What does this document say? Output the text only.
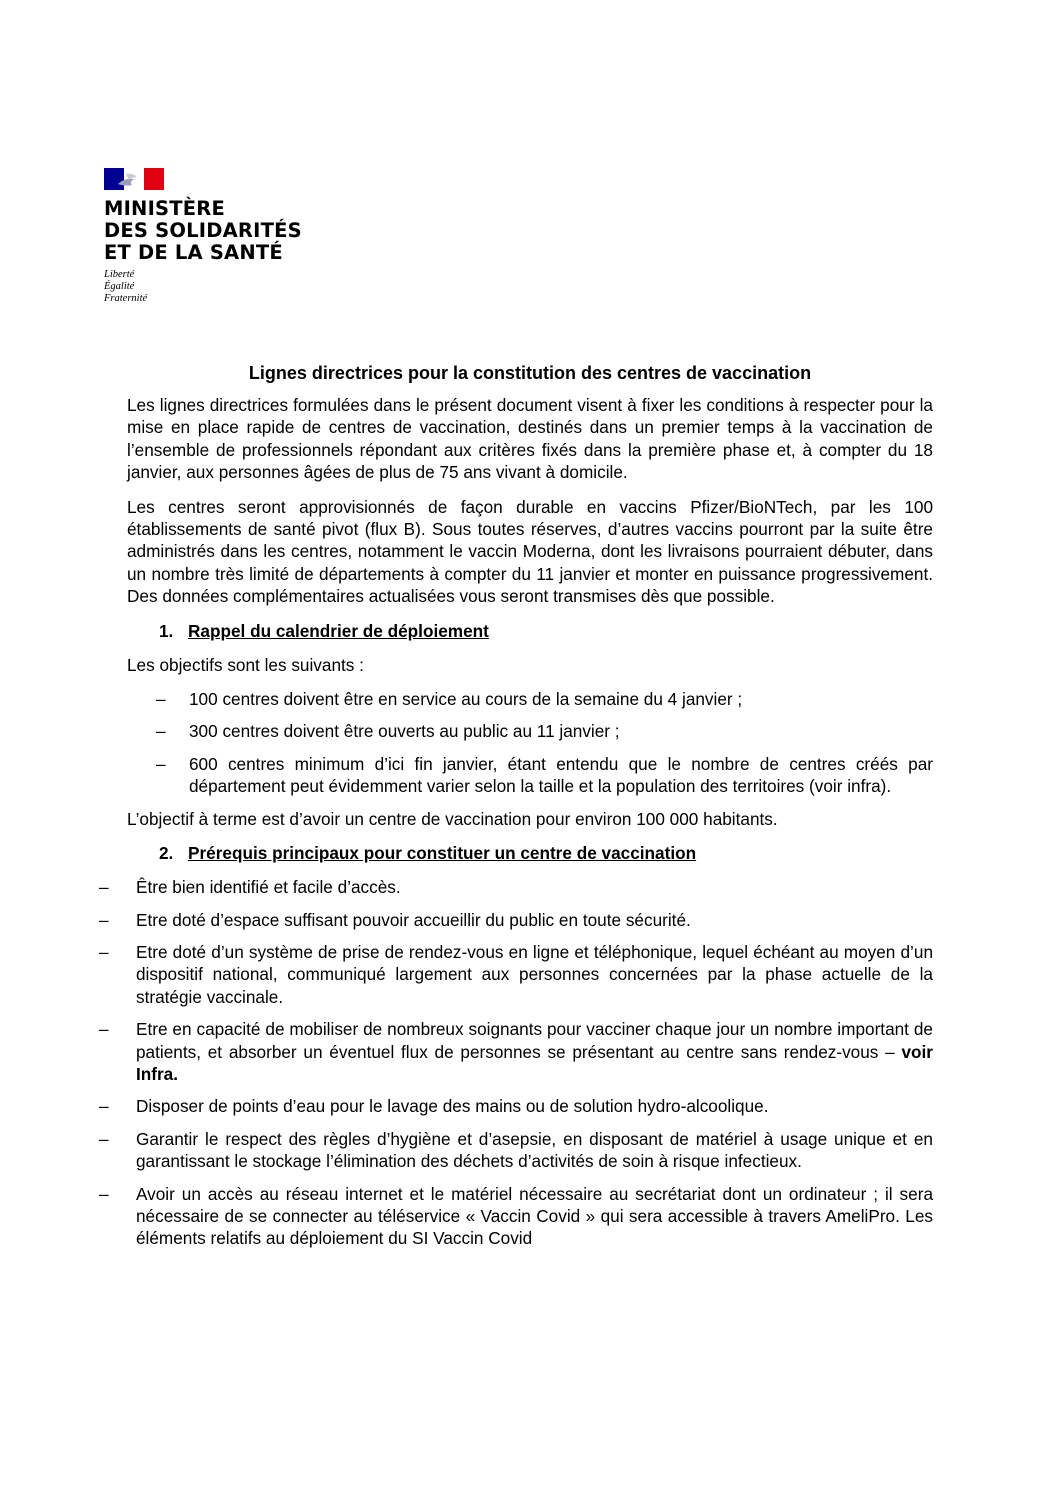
MINISTÈRE
DES SOLIDARITÉS
ET DE LA SANTÉ
Liberté
Égalité
Fraternité
Lignes directrices pour la constitution des centres de vaccination

Les lignes directrices formulées dans le présent document visent à fixer les conditions à respecter pour la mise en place rapide de centres de vaccination, destinés dans un premier temps à la vaccination de l’ensemble de professionnels répondant aux critères fixés dans la première phase et, à compter du 18 janvier, aux personnes âgées de plus de 75 ans vivant à domicile.

Les centres seront approvisionnés de façon durable en vaccins Pfizer/BioNTech, par les 100 établissements de santé pivot (flux B). Sous toutes réserves, d’autres vaccins pourront par la suite être administrés dans les centres, notamment le vaccin Moderna, dont les livraisons pourraient débuter, dans un nombre très limité de départements à compter du 11 janvier et monter en puissance progressivement. Des données complémentaires actualisées vous seront transmises dès que possible.

1. Rappel du calendrier de déploiement

Les objectifs sont les suivants :

– 100 centres doivent être en service au cours de la semaine du 4 janvier ;
– 300 centres doivent être ouverts au public au 11 janvier ;
– 600 centres minimum d’ici fin janvier, étant entendu que le nombre de centres créés par département peut évidemment varier selon la taille et la population des territoires (voir infra).

L’objectif à terme est d’avoir un centre de vaccination pour environ 100 000 habitants.

2. Prérequis principaux pour constituer un centre de vaccination
– Être bien identifié et facile d’accès.
– Etre doté d’espace suffisant pouvoir accueillir du public en toute sécurité.
– Etre doté d’un système de prise de rendez-vous en ligne et téléphonique, lequel échéant au moyen d’un dispositif national, communiqué largement aux personnes concernées par la phase actuelle de la stratégie vaccinale.
– Etre en capacité de mobiliser de nombreux soignants pour vacciner chaque jour un nombre important de patients, et absorber un éventuel flux de personnes se présentant au centre sans rendez-vous – voir Infra.
– Disposer de points d’eau pour le lavage des mains ou de solution hydro-alcoolique.
– Garantir le respect des règles d’hygiène et d’asepsie, en disposant de matériel à usage unique et en garantissant le stockage l’élimination des déchets d’activités de soin à risque infectieux.
– Avoir un accès au réseau internet et le matériel nécessaire au secrétariat dont un ordinateur ; il sera nécessaire de se connecter au téléservice « Vaccin Covid » qui sera accessible à travers AmeliPro. Les éléments relatifs au déploiement du SI Vaccin Covid
